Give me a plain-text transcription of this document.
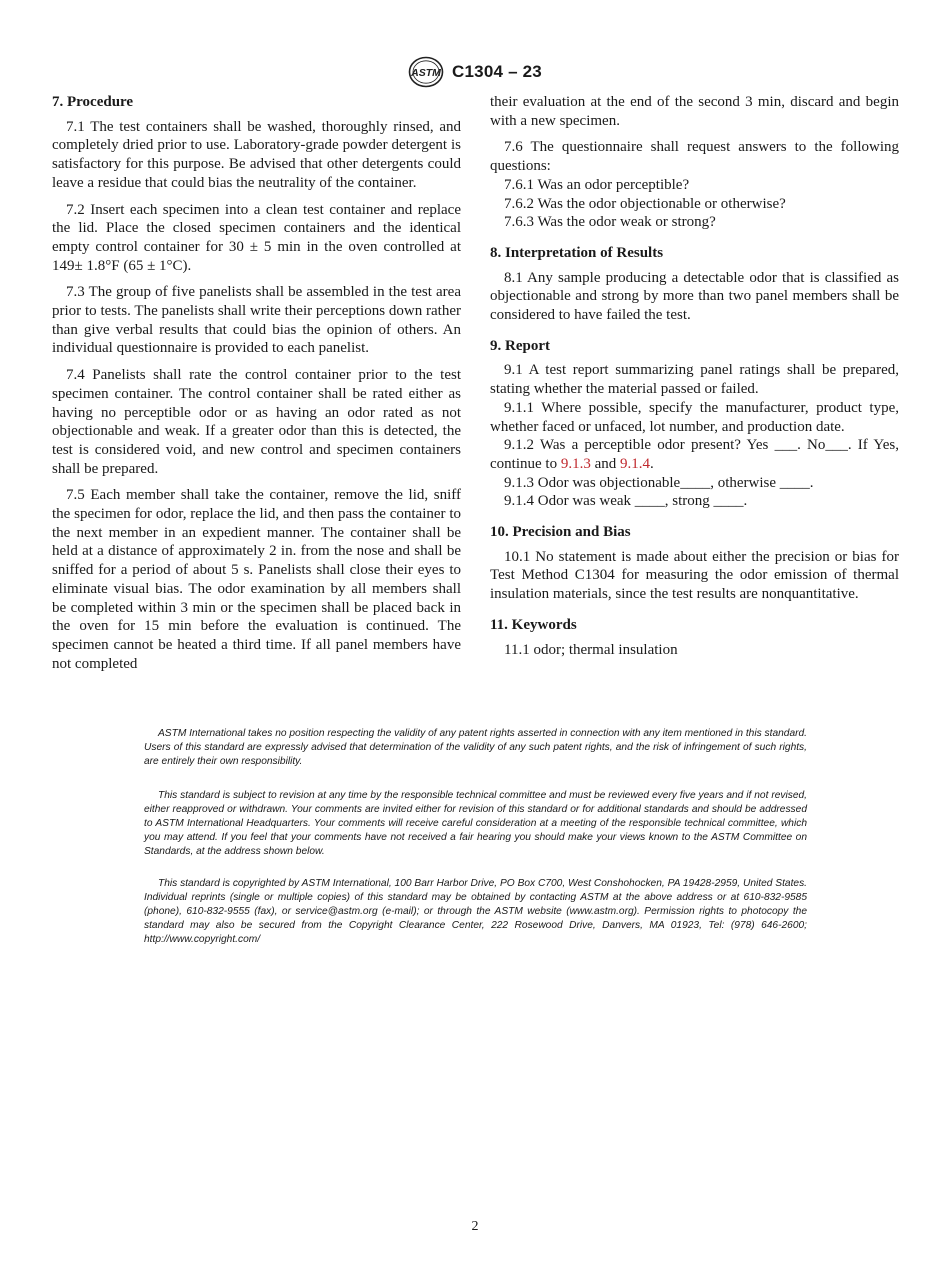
ASTM C1304 – 23
7. Procedure

7.1 The test containers shall be washed, thoroughly rinsed, and completely dried prior to use. Laboratory-grade powder detergent is satisfactory for this purpose. Be advised that other detergents could leave a residue that could bias the neutrality of the container.

7.2 Insert each specimen into a clean test container and replace the lid. Place the closed specimen containers and the identical empty control container for 30 ± 5 min in the oven controlled at 149± 1.8°F (65 ± 1°C).

7.3 The group of five panelists shall be assembled in the test area prior to tests. The panelists shall write their perceptions down rather than give verbal results that could bias the opinion of others. An individual questionnaire is provided to each panelist.

7.4 Panelists shall rate the control container prior to the test specimen container. The control container shall be rated either as having no perceptible odor or as having an odor rated as not objectionable and weak. If a greater odor than this is detected, the test is considered void, and new control and specimen containers shall be prepared.

7.5 Each member shall take the container, remove the lid, sniff the specimen for odor, replace the lid, and then pass the container to the next member in an expedient manner. The container shall be held at a distance of approximately 2 in. from the nose and shall be sniffed for a period of about 5 s. Panelists shall close their eyes to eliminate visual bias. The odor examination by all members shall be completed within 3 min or the specimen shall be placed back in the oven for 15 min before the evaluation is continued. The specimen cannot be heated a third time. If all panel members have not completed

their evaluation at the end of the second 3 min, discard and begin with a new specimen.

7.6 The questionnaire shall request answers to the following questions:

7.6.1 Was an odor perceptible?

7.6.2 Was the odor objectionable or otherwise?

7.6.3 Was the odor weak or strong?

8. Interpretation of Results

8.1 Any sample producing a detectable odor that is classified as objectionable and strong by more than two panel members shall be considered to have failed the test.

9. Report

9.1 A test report summarizing panel ratings shall be prepared, stating whether the material passed or failed.

9.1.1 Where possible, specify the manufacturer, product type, whether faced or unfaced, lot number, and production date.

9.1.2 Was a perceptible odor present? Yes ___. No___. If Yes, continue to 9.1.3 and 9.1.4.

9.1.3 Odor was objectionable____, otherwise ____.

9.1.4 Odor was weak ____, strong ____.

10. Precision and Bias

10.1 No statement is made about either the precision or bias for Test Method C1304 for measuring the odor emission of thermal insulation materials, since the test results are nonquantitative.

11. Keywords

11.1 odor; thermal insulation

ASTM International takes no position respecting the validity of any patent rights asserted in connection with any item mentioned in this standard. Users of this standard are expressly advised that determination of the validity of any such patent rights, and the risk of infringement of such rights, are entirely their own responsibility.

This standard is subject to revision at any time by the responsible technical committee and must be reviewed every five years and if not revised, either reapproved or withdrawn. Your comments are invited either for revision of this standard or for additional standards and should be addressed to ASTM International Headquarters. Your comments will receive careful consideration at a meeting of the responsible technical committee, which you may attend. If you feel that your comments have not received a fair hearing you should make your views known to the ASTM Committee on Standards, at the address shown below.

This standard is copyrighted by ASTM International, 100 Barr Harbor Drive, PO Box C700, West Conshohocken, PA 19428-2959, United States. Individual reprints (single or multiple copies) of this standard may be obtained by contacting ASTM at the above address or at 610-832-9585 (phone), 610-832-9555 (fax), or service@astm.org (e-mail); or through the ASTM website (www.astm.org). Permission rights to photocopy the standard may also be secured from the Copyright Clearance Center, 222 Rosewood Drive, Danvers, MA 01923, Tel: (978) 646-2600; http://www.copyright.com/

2
